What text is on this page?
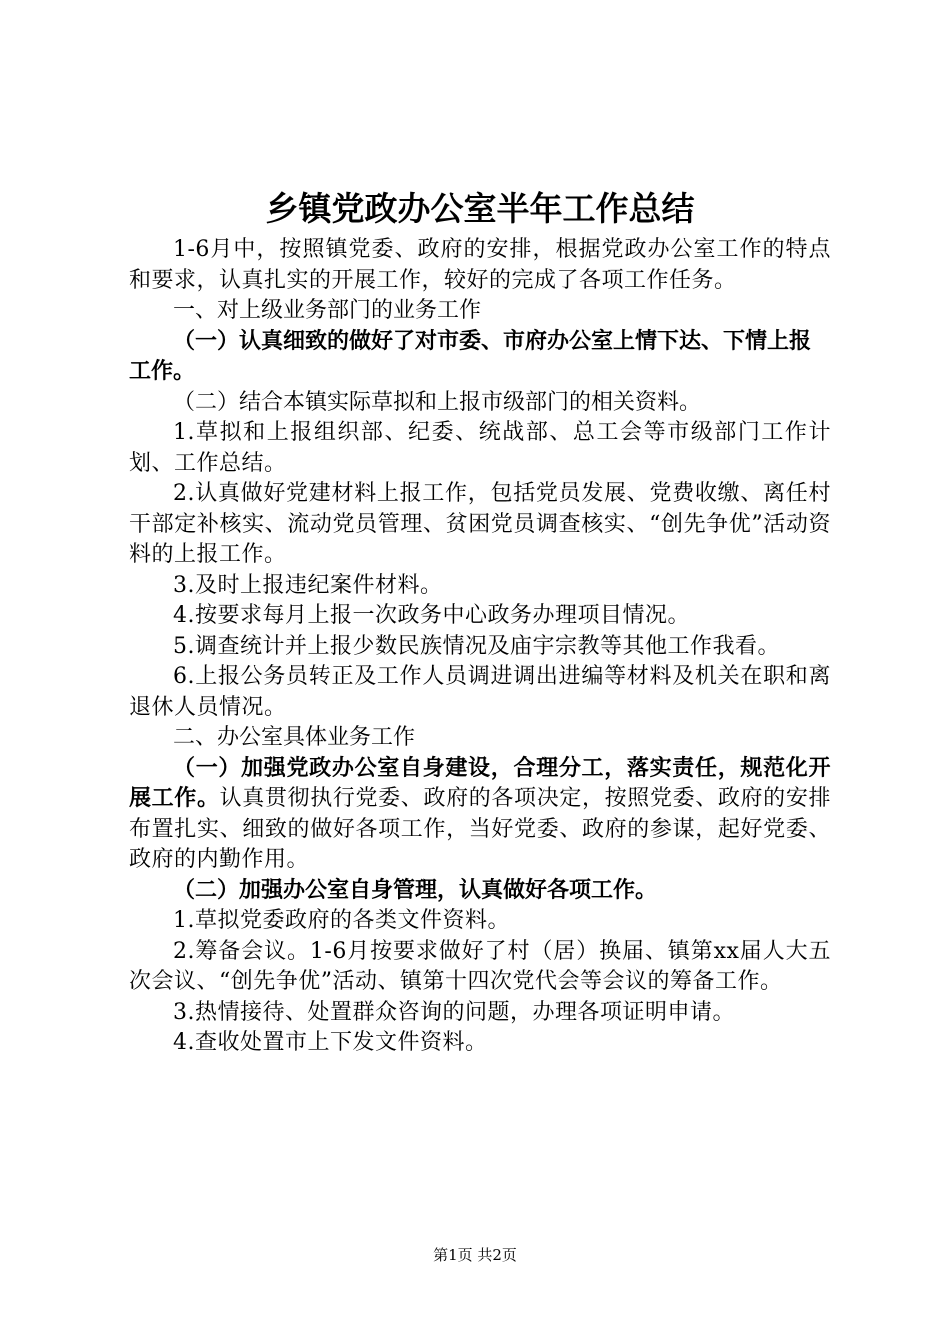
乡镇党政办公室半年工作总结

1-6月中，按照镇党委、政府的安排，根据党政办公室工作的特点和要求，认真扎实的开展工作，较好的完成了各项工作任务。

一、对上级业务部门的业务工作

（一）认真细致的做好了对市委、市府办公室上情下达、下情上报工作。

（二）结合本镇实际草拟和上报市级部门的相关资料。

1.草拟和上报组织部、纪委、统战部、总工会等市级部门工作计划、工作总结。

2.认真做好党建材料上报工作，包括党员发展、党费收缴、离任村干部定补核实、流动党员管理、贫困党员调查核实、“创先争优”活动资料的上报工作。

3.及时上报违纪案件材料。

4.按要求每月上报一次政务中心政务办理项目情况。

5.调查统计并上报少数民族情况及庙宇宗教等其他工作我看。

6.上报公务员转正及工作人员调进调出进编等材料及机关在职和离退休人员情况。

二、办公室具体业务工作

（一）加强党政办公室自身建设，合理分工，落实责任，规范化开展工作。认真贯彻执行党委、政府的各项决定，按照党委、政府的安排布置扎实、细致的做好各项工作，当好党委、政府的参谋，起好党委、政府的内勤作用。

（二）加强办公室自身管理，认真做好各项工作。

1.草拟党委政府的各类文件资料。

2.筹备会议。1-6月按要求做好了村（居）换届、镇第xx届人大五次会议、“创先争优”活动、镇第十四次党代会等会议的筹备工作。

3.热情接待、处置群众咨询的问题，办理各项证明申请。

4.查收处置市上下发文件资料。

第1页 共2页
